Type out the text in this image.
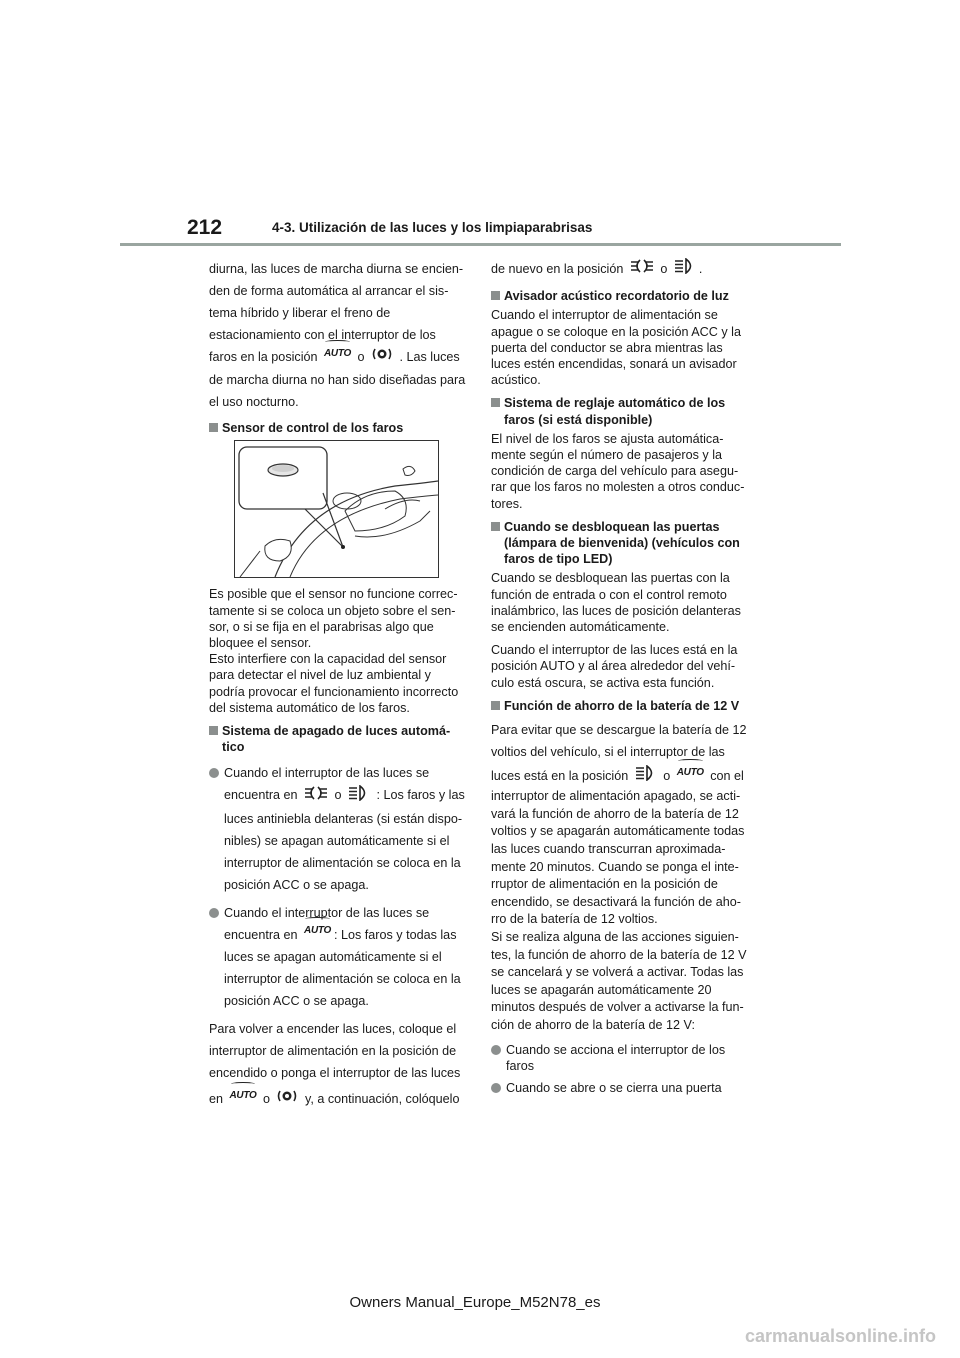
212	4-3. Utilización de las luces y los limpiaparabrisas

diurna, las luces de marcha diurna se encien-den de forma automática al arrancar el sis-tema híbrido y liberar el freno de estacionamiento con el interruptor de los

faros en la posición AUTO o	. Las luces

de marcha diurna no han sido diseñadas para el uso nocturno.

Sensor de control de los faros

Es posible que el sensor no funcione correc-tamente si se coloca un objeto sobre el sen-sor, o si se fija en el parabrisas algo que bloquee el sensor.

Esto interfiere con la capacidad del sensor para detectar el nivel de luz ambiental y podría provocar el funcionamiento incorrecto del sistema automático de los faros.

Sistema de apagado de luces automá-tico
Cuando el interruptor de las luces se encuentra en	o	: Los faros y las luces antiniebla delanteras (si están dispo-nibles) se apagan automáticamente si el interruptor de alimentación se coloca en la posición ACC o se apaga.
Cuando el interruptor de las luces se encuentra en AUTO : Los faros y todas las luces se apagan automáticamente si el interruptor de alimentación se coloca en la posición ACC o se apaga.

Para volver a encender las luces, coloque el interruptor de alimentación en la posición de encendido o ponga el interruptor de las luces

en AUTO o	y, a continuación, colóquelo

de nuevo en la posición	o	.

Avisador acústico recordatorio de luz

Cuando el interruptor de alimentación se apague o se coloque en la posición ACC y la puerta del conductor se abra mientras las luces estén encendidas, sonará un avisador acústico.

Sistema de reglaje automático de los faros (si está disponible)

El nivel de los faros se ajusta automática-mente según el número de pasajeros y la condición de carga del vehículo para asegu-rar que los faros no molesten a otros conduc-tores.

Cuando se desbloquean las puertas (lámpara de bienvenida) (vehículos con faros de tipo LED)

Cuando se desbloquean las puertas con la función de entrada o con el control remoto inalámbrico, las luces de posición delanteras se encienden automáticamente.

Cuando el interruptor de las luces está en la posición AUTO y al área alrededor del vehí-culo está oscura, se activa esta función.

Función de ahorro de la batería de 12 V

Para evitar que se descargue la batería de 12 voltios del vehículo, si el interruptor de las

luces está en la posición	o AUTO con el

interruptor de alimentación apagado, se acti-vará la función de ahorro de la batería de 12 voltios y se apagarán automáticamente todas las luces cuando transcurran aproximada-mente 20 minutos. Cuando se ponga el inte-rruptor de alimentación en la posición de encendido, se desactivará la función de aho-rro de la batería de 12 voltios.

Si se realiza alguna de las acciones siguien-tes, la función de ahorro de la batería de 12 V se cancelará y se volverá a activar. Todas las luces se apagarán automáticamente 20 minutos después de volver a activarse la fun-ción de ahorro de la batería de 12 V:

Cuando se acciona el interruptor de los faros
Cuando se abre o se cierra una puerta
Owners Manual_Europe_M52N78_es
carmanualsonline.info
